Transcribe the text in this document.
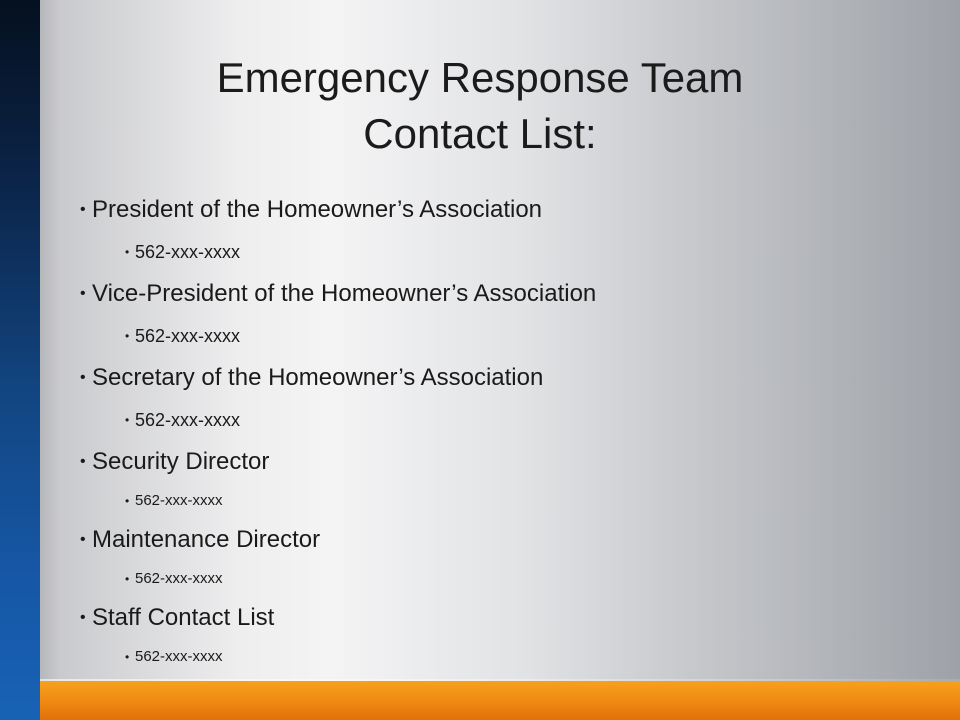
Emergency Response Team
Contact List:
• President of the Homeowner’s Association
• 562-xxx-xxxx
• Vice-President of the Homeowner’s Association
• 562-xxx-xxxx
• Secretary of the Homeowner’s Association
• 562-xxx-xxxx
• Security Director
• 562-xxx-xxxx
• Maintenance Director
• 562-xxx-xxxx
• Staff Contact List
• 562-xxx-xxxx
